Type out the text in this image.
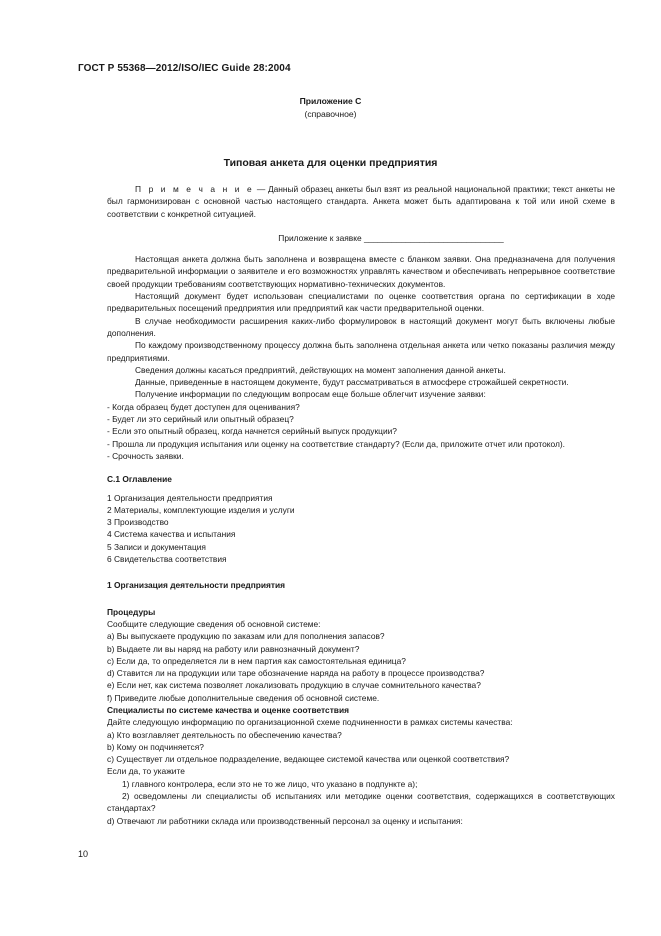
ГОСТ Р 55368—2012/ISO/IEC Guide 28:2004
Приложение С
(справочное)
Типовая анкета для оценки предприятия

П р и м е ч а н и е — Данный образец анкеты был взят из реальной национальной практики; текст анкеты не был гармонизирован с основной частью настоящего стандарта. Анкета может быть адаптирована к той или иной схеме в соответствии с конкретной ситуацией.

Приложение к заявке ______________________________

Настоящая анкета должна быть заполнена и возвращена вместе с бланком заявки. Она предназначена для получения предварительной информации о заявителе и его возможностях управлять качеством и обеспечивать непрерывное соответствие своей продукции требованиям соответствующих нормативно-технических документов.

Настоящий документ будет использован специалистами по оценке соответствия органа по сертификации в ходе предварительных посещений предприятия или предприятий как части предварительной оценки.

В случае необходимости расширения каких-либо формулировок в настоящий документ могут быть включены любые дополнения.

По каждому производственному процессу должна быть заполнена отдельная анкета или четко показаны различия между предприятиями.

Сведения должны касаться предприятий, действующих на момент заполнения данной анкеты.

Данные, приведенные в настоящем документе, будут рассматриваться в атмосфере строжайшей секретности.

Получение информации по следующим вопросам еще больше облегчит изучение заявки:

- Когда образец будет доступен для оценивания?
- Будет ли это серийный или опытный образец?
- Если это опытный образец, когда начнется серийный выпуск продукции?

- Прошла ли продукция испытания или оценку на соответствие стандарту? (Если да, приложите отчет или протокол).

- Срочность заявки.
С.1 Оглавление
1 Организация деятельности предприятия
2 Материалы, комплектующие изделия и услуги
3 Производство
4 Система качества и испытания
5 Записи и документация
6 Свидетельства соответствия
1 Организация деятельности предприятия
Процедуры
Сообщите следующие сведения об основной системе:
a) Вы выпускаете продукцию по заказам или для пополнения запасов?
b) Выдаете ли вы наряд на работу или равнозначный документ?
c) Если да, то определяется ли в нем партия как самостоятельная единица?
d) Ставится ли на продукции или таре обозначение наряда на работу в процессе производства?
e) Если нет, как система позволяет локализовать продукцию в случае сомнительного качества?
f) Приведите любые дополнительные сведения об основной системе.
Специалисты по системе качества и оценке соответствия
Дайте следующую информацию по организационной схеме подчиненности в рамках системы качества:
a) Кто возглавляет деятельность по обеспечению качества?
b) Кому он подчиняется?
c) Существует ли отдельное подразделение, ведающее системой качества или оценкой соответствия?
Если да, то укажите
1) главного контролера, если это не то же лицо, что указано в подпункте a);

2) осведомлены ли специалисты об испытаниях или методике оценки соответствия, содержащихся в соответствующих стандартах?

d) Отвечают ли работники склада или производственный персонал за оценку и испытания:
10
